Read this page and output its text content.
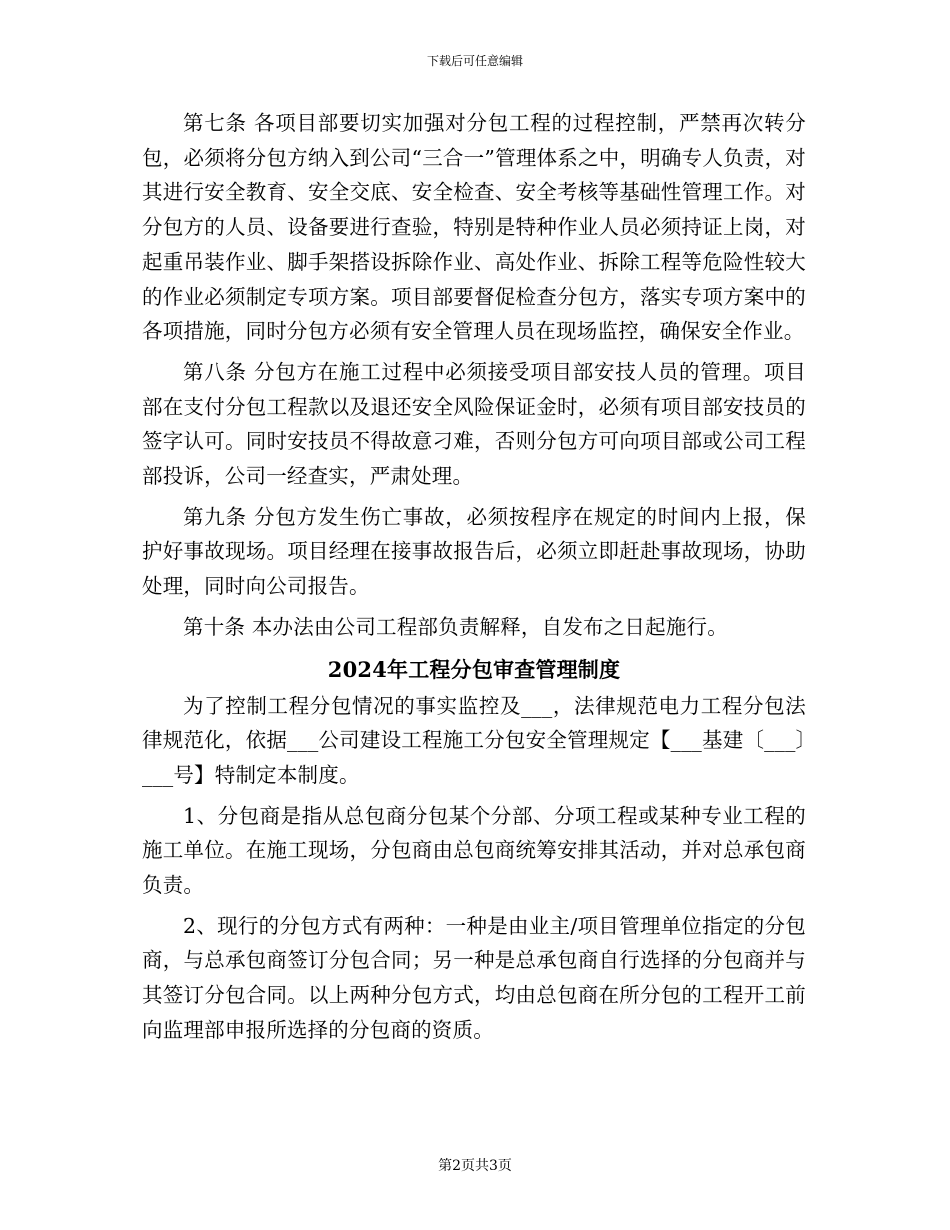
下载后可任意编辑

第七条 各项目部要切实加强对分包工程的过程控制，严禁再次转分包，必须将分包方纳入到公司“三合一”管理体系之中，明确专人负责，对其进行安全教育、安全交底、安全检查、安全考核等基础性管理工作。对分包方的人员、设备要进行查验，特别是特种作业人员必须持证上岗，对起重吊装作业、脚手架搭设拆除作业、高处作业、拆除工程等危险性较大的作业必须制定专项方案。项目部要督促检查分包方，落实专项方案中的各项措施，同时分包方必须有安全管理人员在现场监控，确保安全作业。

第八条 分包方在施工过程中必须接受项目部安技人员的管理。项目部在支付分包工程款以及退还安全风险保证金时，必须有项目部安技员的签字认可。同时安技员不得故意刁难，否则分包方可向项目部或公司工程部投诉，公司一经查实，严肃处理。

第九条 分包方发生伤亡事故，必须按程序在规定的时间内上报，保护好事故现场。项目经理在接事故报告后，必须立即赶赴事故现场，协助处理，同时向公司报告。

第十条 本办法由公司工程部负责解释，自发布之日起施行。

2024年工程分包审查管理制度

为了控制工程分包情况的事实监控及___，法律规范电力工程分包法律规范化，依据___公司建设工程施工分包安全管理规定【___基建〔___〕___号】特制定本制度。

1、分包商是指从总包商分包某个分部、分项工程或某种专业工程的施工单位。在施工现场，分包商由总包商统筹安排其活动，并对总承包商负责。

2、现行的分包方式有两种：一种是由业主/项目管理单位指定的分包商，与总承包商签订分包合同；另一种是总承包商自行选择的分包商并与其签订分包合同。以上两种分包方式，均由总包商在所分包的工程开工前向监理部申报所选择的分包商的资质。

第2页共3页
